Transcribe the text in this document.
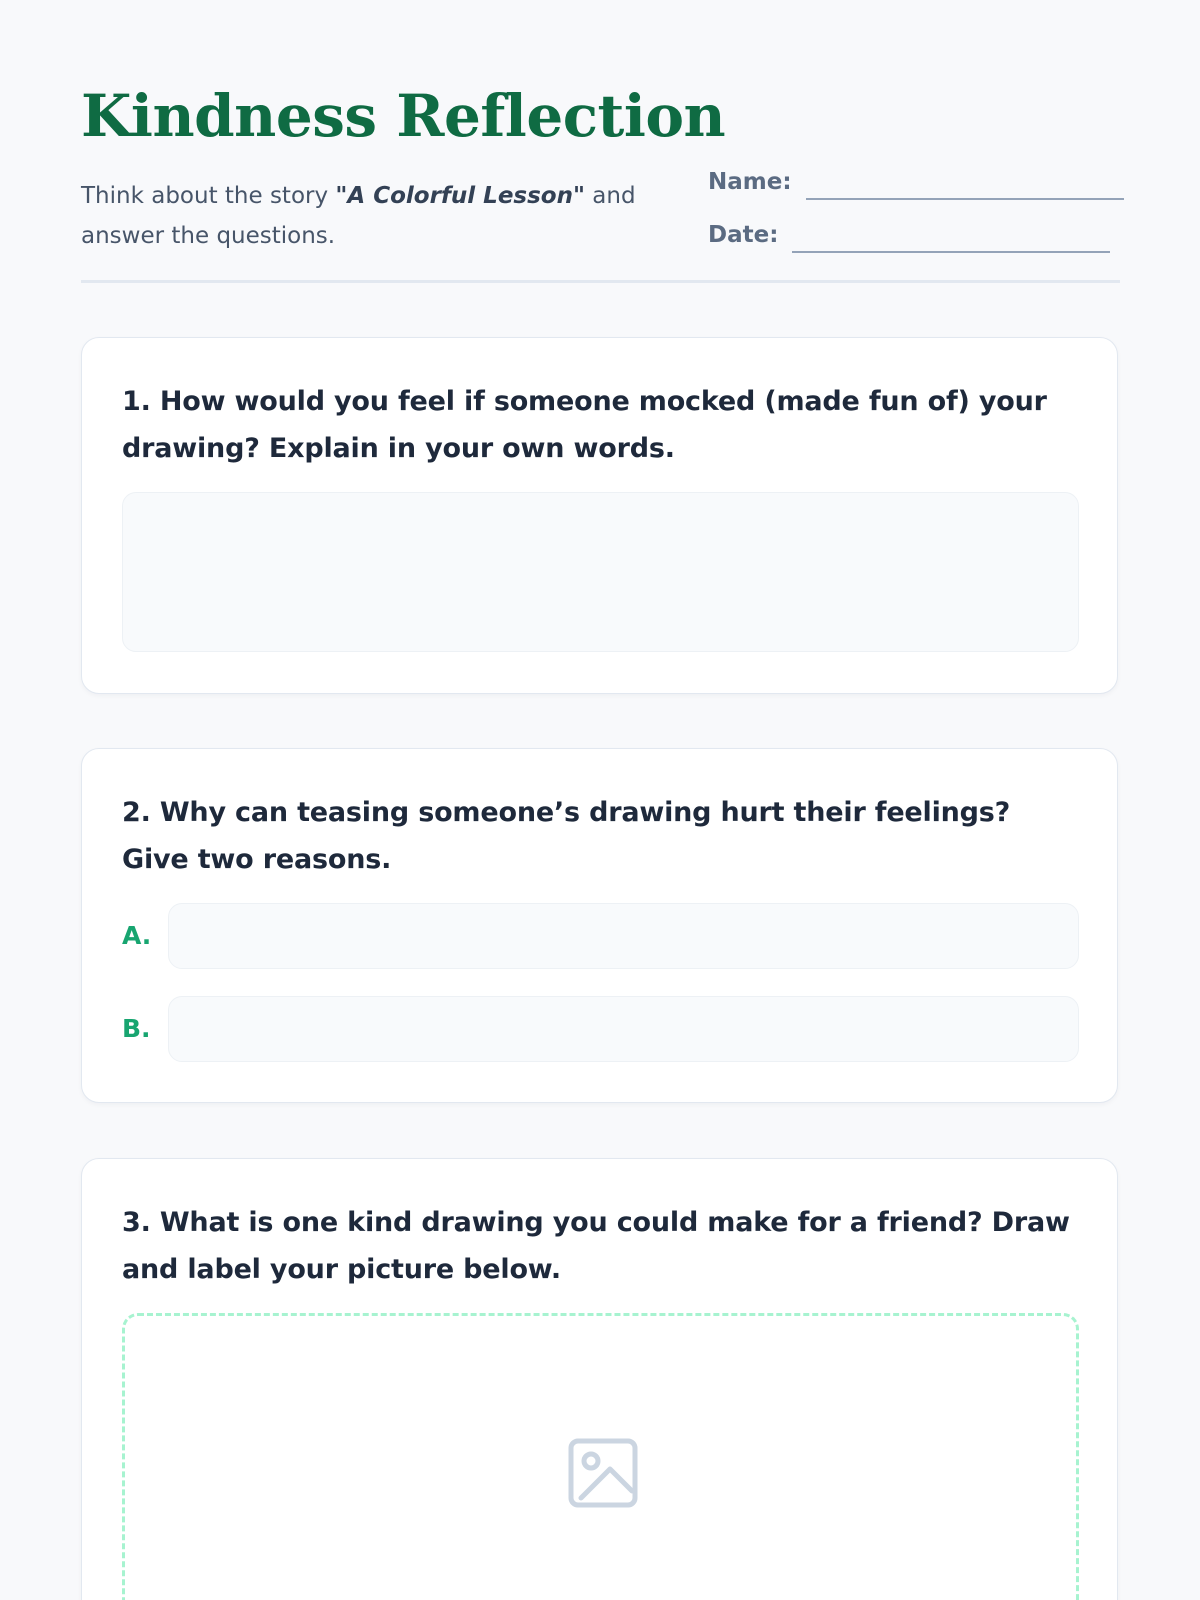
Kindness Reflection
Think about the story "A Colorful Lesson" and answer the questions.
Name:
Date:

1. How would you feel if someone mocked (made fun of) your drawing? Explain in your own words.

2. Why can teasing someone’s drawing hurt their feelings? Give two reasons.

A.
B.

3. What is one kind drawing you could make for a friend? Draw and label your picture below.
